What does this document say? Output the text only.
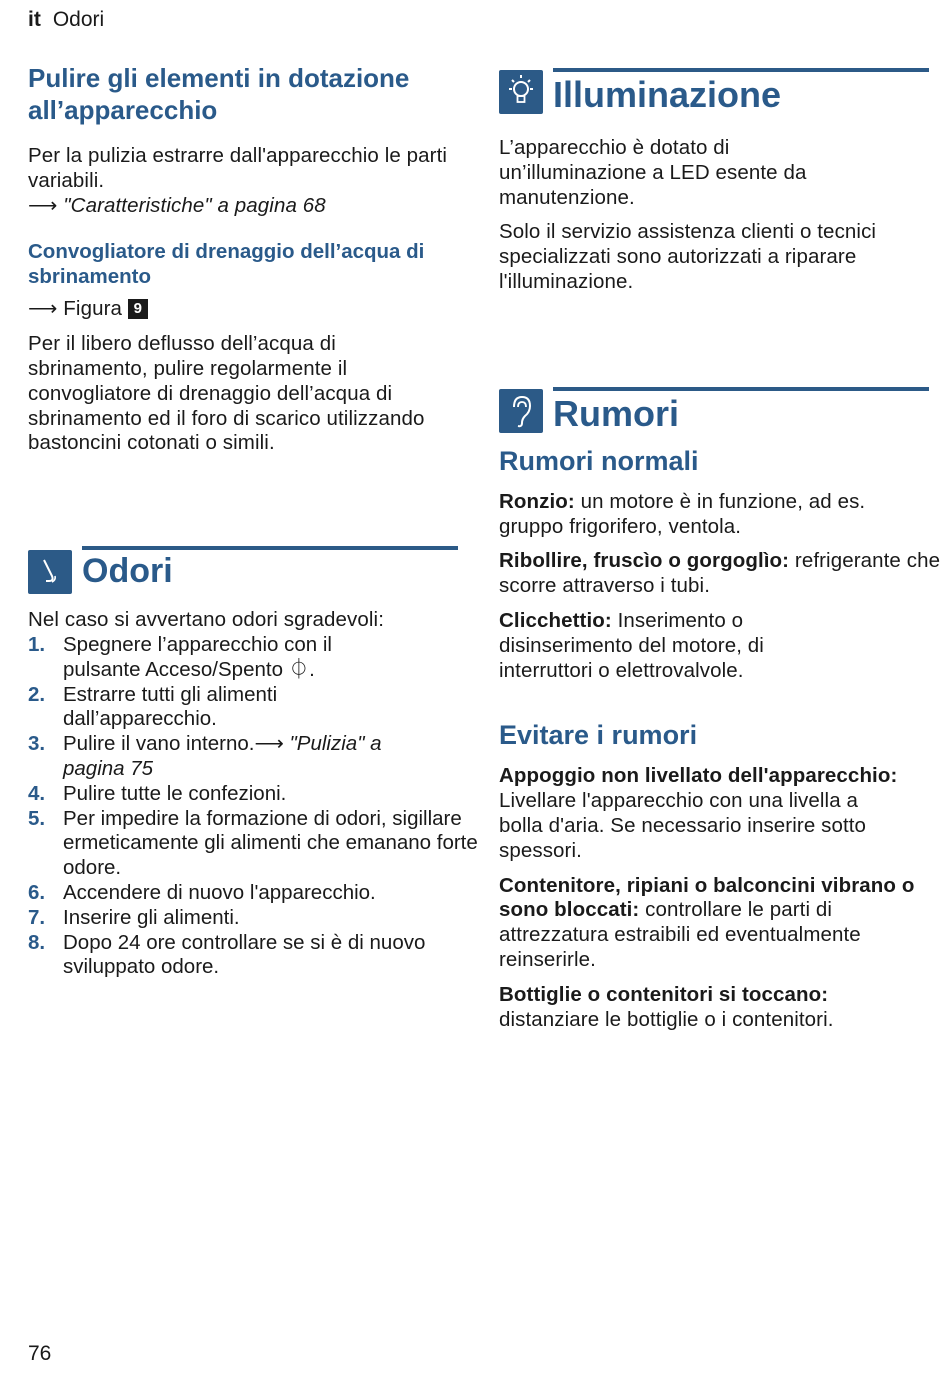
it Odori

Pulire gli elementi in dotazione all’apparecchio

Per la pulizia estrarre dall'apparecchio le parti variabili.

⟶ "Caratteristiche" a pagina 68

Convogliatore di drenaggio dell’acqua di sbrinamento

⟶ Figura 9

Per il libero deflusso dell’acqua di sbrinamento, pulire regolarmente il convogliatore di drenaggio dell’acqua di sbrinamento ed il foro di scarico utilizzando bastoncini cotonati o simili.

Odori

Nel caso si avvertano odori sgradevoli:

1. Spegnere l’apparecchio con il pulsante Acceso/Spento ⏀.
2. Estrarre tutti gli alimenti dall’apparecchio.
3. Pulire il vano interno.⟶ "Pulizia" a pagina 75
4. Pulire tutte le confezioni.
5. Per impedire la formazione di odori, sigillare ermeticamente gli alimenti che emanano forte odore.
6. Accendere di nuovo l'apparecchio.
7. Inserire gli alimenti.
8. Dopo 24 ore controllare se si è di nuovo sviluppato odore.
Illuminazione

L’apparecchio è dotato di un’illuminazione a LED esente da manutenzione.

Solo il servizio assistenza clienti o tecnici specializzati sono autorizzati a riparare l'illuminazione.

Rumori

Rumori normali

Ronzio: un motore è in funzione, ad es. gruppo frigorifero, ventola.

Ribollire, fruscìo o gorgoglìo: refrigerante che scorre attraverso i tubi.

Clicchettio: Inserimento o disinserimento del motore, di interruttori o elettrovalvole.

Evitare i rumori

Appoggio non livellato dell'apparecchio: Livellare l'apparecchio con una livella a bolla d'aria. Se necessario inserire sotto spessori.

Contenitore, ripiani o balconcini vibrano o sono bloccati: controllare le parti di attrezzatura estraibili ed eventualmente reinserirle.

Bottiglie o contenitori si toccano: distanziare le bottiglie o i contenitori.

76
